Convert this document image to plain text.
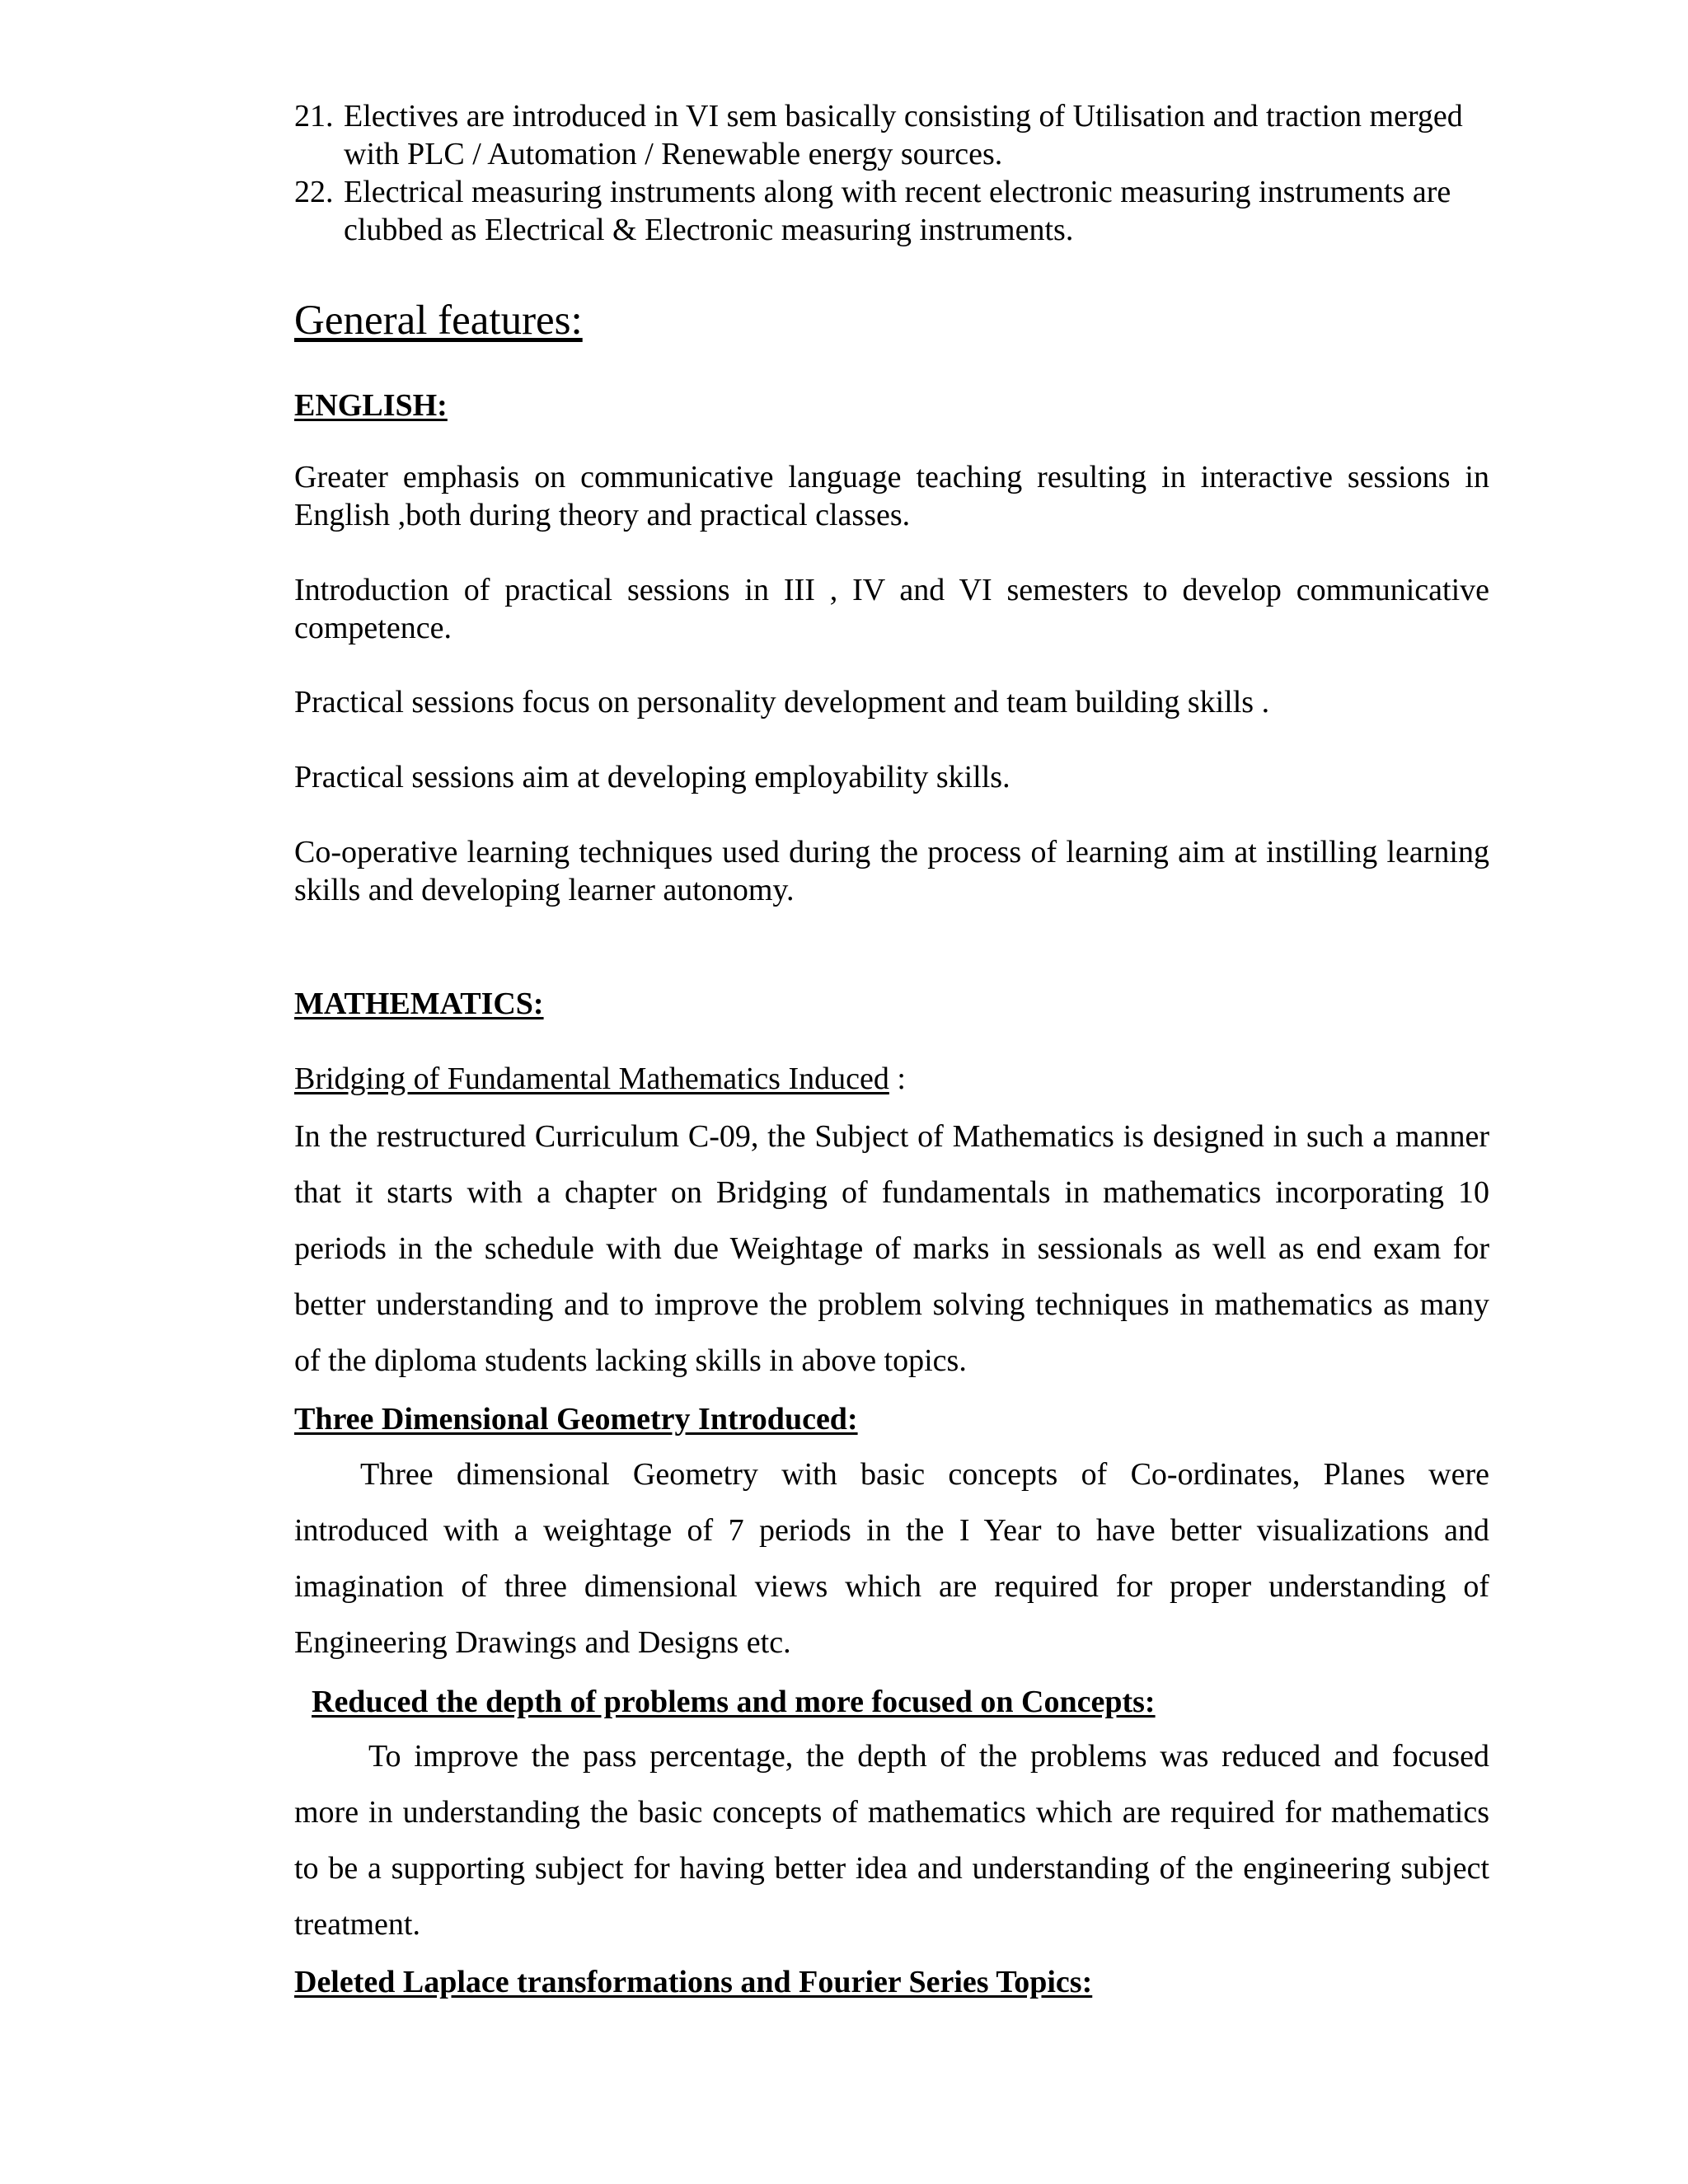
21. Electives are introduced in VI sem basically consisting of Utilisation and traction merged with PLC / Automation / Renewable energy sources.
22. Electrical measuring instruments along with recent electronic measuring instruments are clubbed as Electrical & Electronic measuring instruments.
General features:
ENGLISH:
Greater emphasis on communicative language teaching resulting in interactive sessions in English ,both during theory and practical classes.
Introduction of practical sessions in III , IV and VI semesters to develop communicative competence.
Practical sessions focus on personality development and team building skills .
Practical sessions aim at developing employability skills.
Co-operative learning techniques used during the process of learning aim at instilling learning skills and developing learner autonomy.
MATHEMATICS:
Bridging of Fundamental Mathematics Induced :
In the restructured Curriculum C-09, the Subject of Mathematics is designed in such a manner that it starts with a chapter on Bridging of fundamentals in mathematics incorporating 10 periods in the schedule with due Weightage of marks in sessionals as well as end exam for better understanding and to improve the problem solving techniques in mathematics as many of the diploma students lacking skills in above topics.
Three Dimensional Geometry Introduced:
Three dimensional Geometry with basic concepts of Co-ordinates, Planes were introduced with a weightage of 7 periods in the I Year to have better visualizations and imagination of three dimensional views which are required for proper understanding of Engineering Drawings and Designs etc.
Reduced the depth of problems and more focused on Concepts:
To improve the pass percentage, the depth of the problems was reduced and focused more in understanding the basic concepts of mathematics which are required for mathematics to be a supporting subject for having better idea and understanding of the engineering subject treatment.
Deleted Laplace transformations and Fourier Series Topics:
